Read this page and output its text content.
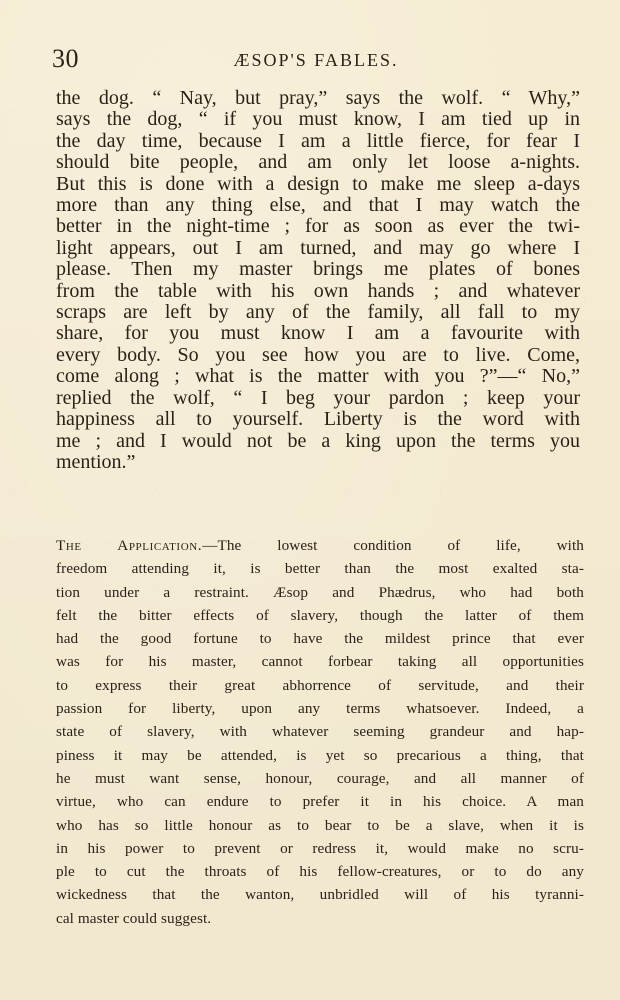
30	ÆSOP'S FABLES.
the dog. “ Nay, but pray,” says the wolf. “ Why,”
says the dog, “ if you must know, I am tied up in
the day time, because I am a little fierce, for fear I
should bite people, and am only let loose a-nights.
But this is done with a design to make me sleep a-days
more than any thing else, and that I may watch the
better in the night-time ; for as soon as ever the twi-
light appears, out I am turned, and may go where I
please. Then my master brings me plates of bones
from the table with his own hands ; and whatever
scraps are left by any of the family, all fall to my
share, for you must know I am a favourite with
every body. So you see how you are to live. Come,
come along ; what is the matter with you ?”—“ No,”
replied the wolf, “ I beg your pardon ; keep your
happiness all to yourself. Liberty is the word with
me ; and I would not be a king upon the terms you
mention.”
The Application.—The lowest condition of life, with
freedom attending it, is better than the most exalted sta-
tion under a restraint. Æsop and Phædrus, who had both
felt the bitter effects of slavery, though the latter of them
had the good fortune to have the mildest prince that ever
was for his master, cannot forbear taking all opportunities
to express their great abhorrence of servitude, and their
passion for liberty, upon any terms whatsoever. Indeed, a
state of slavery, with whatever seeming grandeur and hap-
piness it may be attended, is yet so precarious a thing, that
he must want sense, honour, courage, and all manner of
virtue, who can endure to prefer it in his choice. A man
who has so little honour as to bear to be a slave, when it is
in his power to prevent or redress it, would make no scru-
ple to cut the throats of his fellow-creatures, or to do any
wickedness that the wanton, unbridled will of his tyranni-
cal master could suggest.
